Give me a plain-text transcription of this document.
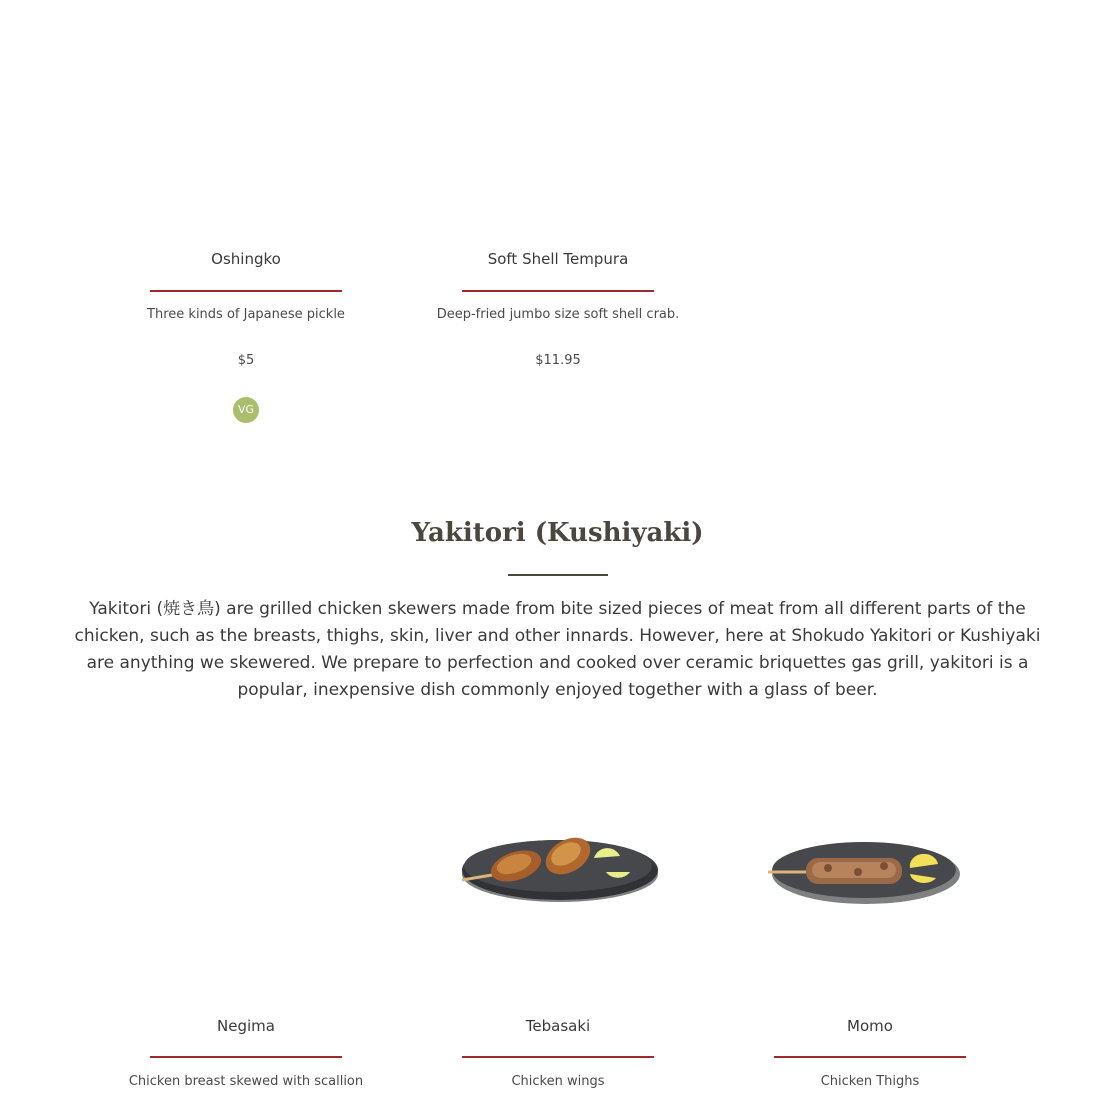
Oshingko
Three kinds of Japanese pickle
$5
VG
Soft Shell Tempura
Deep-fried jumbo size soft shell crab.
$11.95
Yakitori (Kushiyaki)
Yakitori (焼き鳥) are grilled chicken skewers made from bite sized pieces of meat from all different parts of the chicken, such as the breasts, thighs, skin, liver and other innards. However, here at Shokudo Yakitori or Kushiyaki are anything we skewered. We prepare to perfection and cooked over ceramic briquettes gas grill, yakitori is a popular, inexpensive dish commonly enjoyed together with a glass of beer.
Negima
Chicken breast skewed with scallion
Tebasaki
Chicken wings
Momo
Chicken Thighs
